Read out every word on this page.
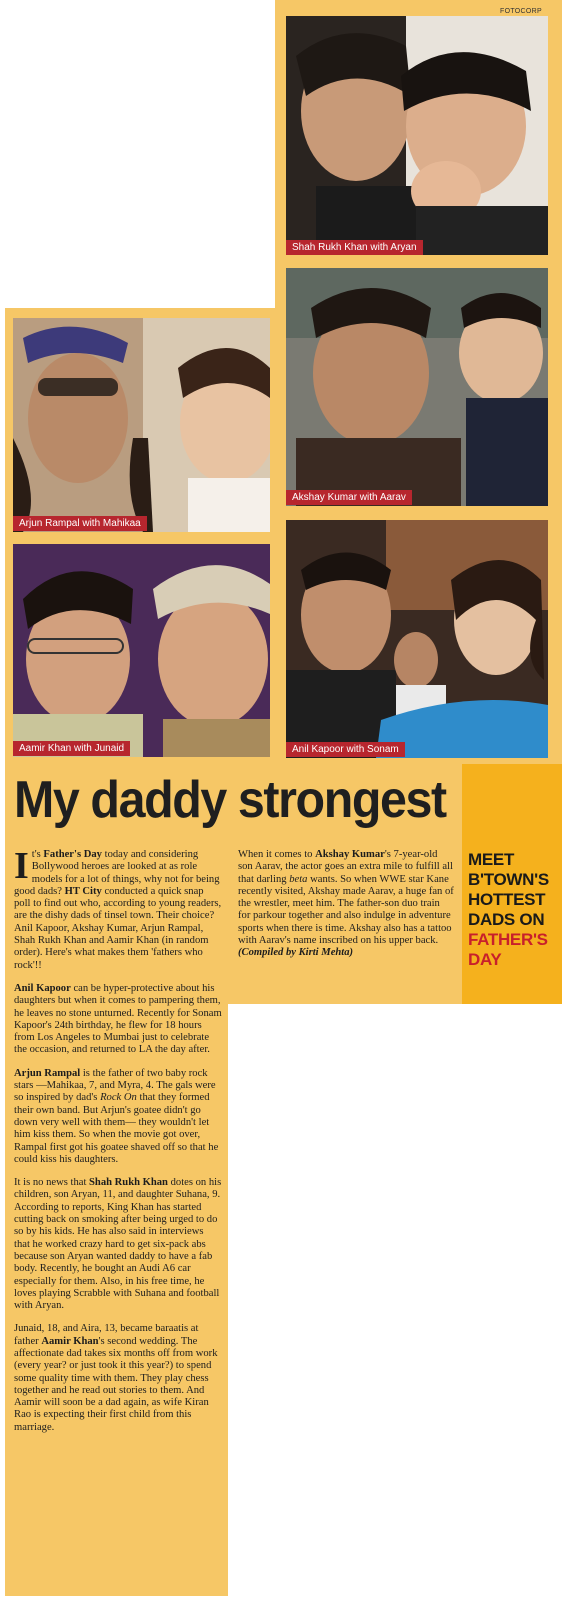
FOTOCORP
Shah Rukh Khan with Aryan
Arjun Rampal with Mahikaa
Akshay Kumar with Aarav
Aamir Khan with Junaid	Anil Kapoor with Sonam
My daddy strongest
MEET
B'TOWN'S
HOTTEST
DADS ON
FATHER'S
DAY

It's Father's Day today and considering Bollywood heroes are looked at as role models for a lot of things, why not for being good dads? HT City conducted a quick snap poll to find out who, according to young readers, are the dishy dads of tinsel town. Their choice? Anil Kapoor, Akshay Kumar, Arjun Rampal, Shah Rukh Khan and Aamir Khan (in random order). Here's what makes them 'fathers who rock'!!

Anil Kapoor can be hyper-protective about his daughters but when it comes to pampering them, he leaves no stone unturned. Recently for Sonam Kapoor's 24th birthday, he flew for 18 hours from Los Angeles to Mumbai just to celebrate the occasion, and returned to LA the day after.

Arjun Rampal is the father of two baby rock stars —Mahikaa, 7, and Myra, 4. The gals were so inspired by dad's Rock On that they formed their own band. But Arjun's goatee didn't go down very well with them— they wouldn't let him kiss them. So when the movie got over, Rampal first got his goatee shaved off so that he could kiss his daughters.

It is no news that Shah Rukh Khan dotes on his children, son Aryan, 11, and daughter Suhana, 9. According to reports, King Khan has started cutting back on smoking after being urged to do so by his kids. He has also said in interviews that he worked crazy hard to get six-pack abs because son Aryan wanted daddy to have a fab body. Recently, he bought an Audi A6 car especially for them. Also, in his free time, he loves playing Scrabble with Suhana and football with Aryan.

Junaid, 18, and Aira, 13, became baraatis at father Aamir Khan's second wedding. The affectionate dad takes six months off from work (every year? or just took it this year?) to spend some quality time with them. They play chess together and he read out stories to them. And Aamir will soon be a dad again, as wife Kiran Rao is expecting their first child from this marriage.

When it comes to Akshay Kumar's 7-year-old son Aarav, the actor goes an extra mile to fulfill all that darling beta wants. So when WWE star Kane recently visited, Akshay made Aarav, a huge fan of the wrestler, meet him. The father-son duo train for parkour together and also indulge in adventure sports when there is time. Akshay also has a tattoo with Aarav's name inscribed on his upper back. (Compiled by Kirti Mehta)
